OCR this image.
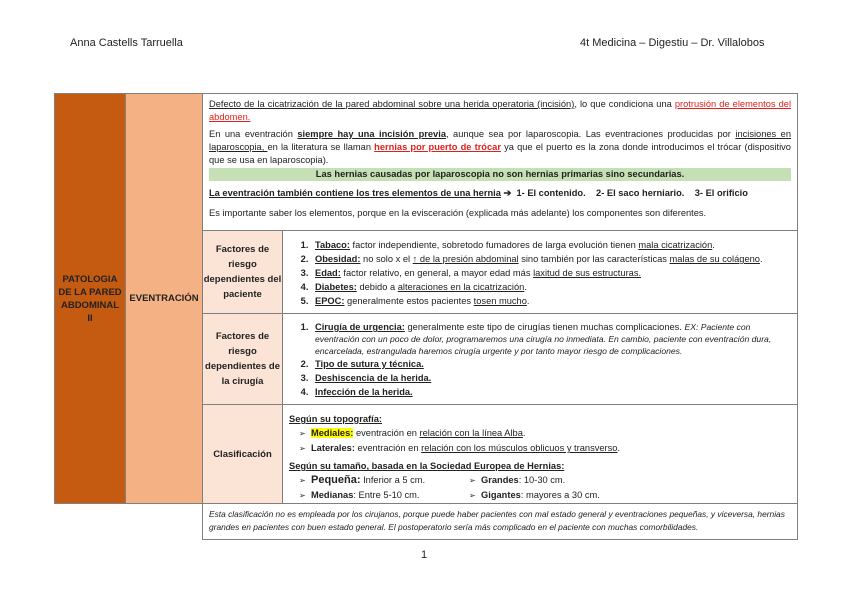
Anna Castells Tarruella	4t Medicina – Digestiu – Dr. Villalobos
PATOLOGIA DE LA PARED ABDOMINAL II
EVENTRACIÓN

Defecto de la cicatrización de la pared abdominal sobre una herida operatoria (incisión), lo que condiciona una protrusión de elementos del abdomen.

En una eventración siempre hay una incisión previa, aunque sea por laparoscopia. Las eventraciones producidas por incisiones en laparoscopia, en la literatura se llaman hernias por puerto de trócar ya que el puerto es la zona donde introducimos el trócar (dispositivo que se usa en laparoscopia).

Las hernias causadas por laparoscopia no son hernias primarias sino secundarias.

La eventración también contiene los tres elementos de una hernia ➔ 1- El contenido. 2- El saco herniario. 3- El orificio

Es importante saber los elementos, porque en la evisceración (explicada más adelante) los componentes son diferentes.

Factores de riesgo dependientes del paciente
1. Tabaco: factor independiente, sobretodo fumadores de larga evolución tienen mala cicatrización.
2. Obesidad: no solo x el ↑ de la presión abdominal sino también por las características malas de su colágeno.
3. Edad: factor relativo, en general, a mayor edad más laxitud de sus estructuras.
4. Diabetes: debido a alteraciones en la cicatrización.
5. EPOC: generalmente estos pacientes tosen mucho.
Factores de riesgo dependientes de la cirugía
1. Cirugía de urgencia: generalmente este tipo de cirugías tienen muchas complicaciones. EX: Paciente con eventración con un poco de dolor, programaremos una cirugía no inmediata. En cambio, paciente con eventración dura, encarcelada, estrangulada haremos cirugía urgente y por tanto mayor riesgo de complicaciones.
2. Tipo de sutura y técnica.
3. Deshiscencia de la herida.
4. Infección de la herida.
Clasificación
Según su topografía:
➢ Mediales: eventración en relación con la línea Alba.
➢ Laterales: eventración en relación con los músculos oblicuos y transverso.
Según su tamaño, basada en la Sociedad Europea de Hernias:
➢ Pequeña: Inferior a 5 cm.	➢ Grandes: 10-30 cm.
➢ Medianas: Entre 5-10 cm.	➢ Gigantes: mayores a 30 cm.
Esta clasificación no es empleada por los cirujanos, porque puede haber pacientes con mal estado general y eventraciones pequeñas, y viceversa, hernias grandes en pacientes con buen estado general. El postoperatorio sería más complicado en el paciente con muchas comorbilidades.
1
